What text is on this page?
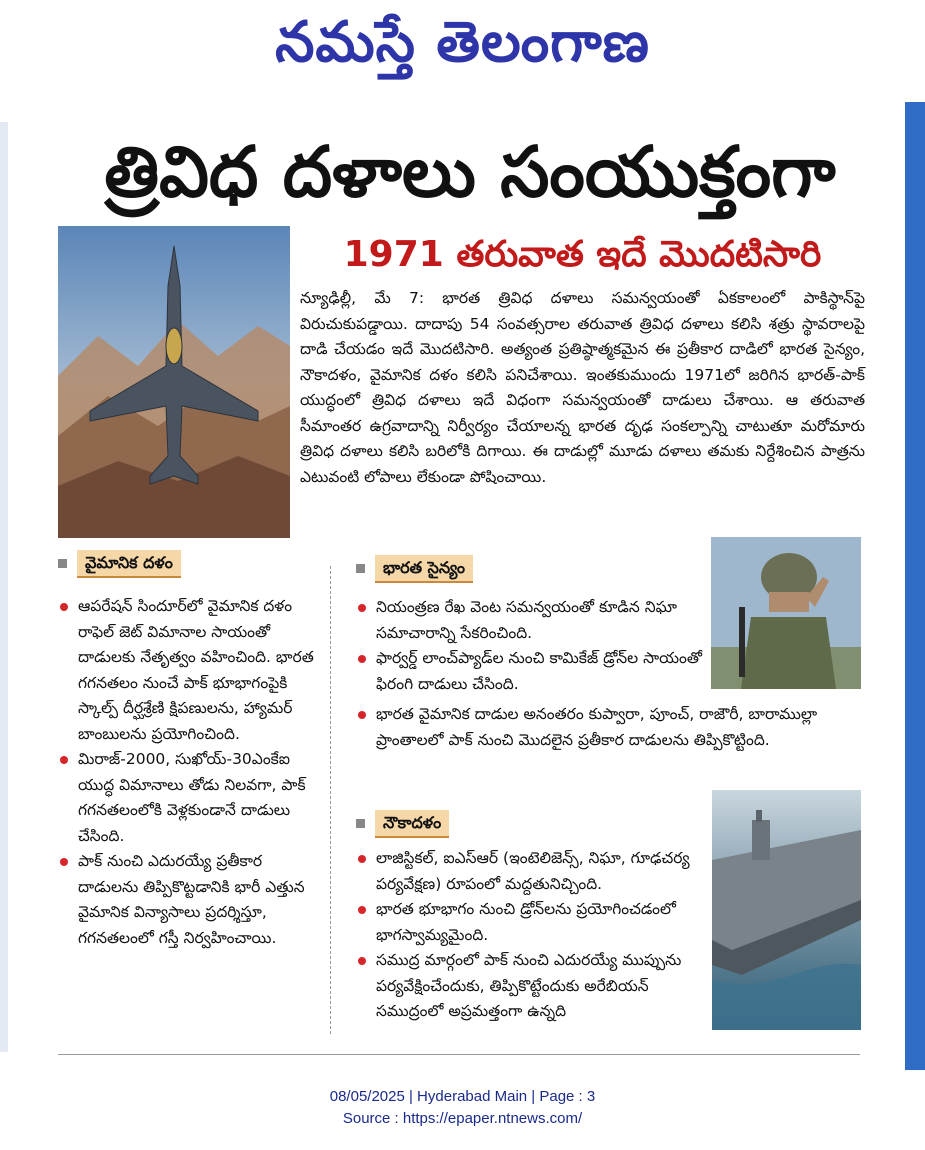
నమస్తే తెలంగాణ
త్రివిధ దళాలు సంయుక్తంగా
1971 తరువాత ఇదే మొదటిసారి
న్యూఢిల్లీ, మే 7: భారత త్రివిధ దళాలు సమన్వయంతో ఏకకాలంలో పాకిస్థాన్‌పై విరుచుకుపడ్డాయి. దాదాపు 54 సంవత్సరాల తరువాత త్రివిధ దళాలు కలిసి శత్రు స్థావరాలపై దాడి చేయడం ఇదే మొదటిసారి. అత్యంత ప్రతిష్ఠాత్మకమైన ఈ ప్రతీకార దాడిలో భారత సైన్యం, నౌకాదళం, వైమానిక దళం కలిసి పనిచేశాయి. ఇంతకుముందు 1971లో జరిగిన భారత్-పాక్ యుద్ధంలో త్రివిధ దళాలు ఇదే విధంగా సమన్వయంతో దాడులు చేశాయి. ఆ తరువాత సీమాంతర ఉగ్రవాదాన్ని నిర్వీర్యం చేయాలన్న భారత దృఢ సంకల్పాన్ని చాటుతూ మరోమారు త్రివిధ దళాలు కలిసి బరిలోకి దిగాయి. ఈ దాడుల్లో మూడు దళాలు తమకు నిర్దేశించిన పాత్రను ఎటువంటి లోపాలు లేకుండా పోషించాయి.
వైమానిక దళం
ఆపరేషన్ సిందూర్‌లో వైమానిక దళం రాఫెల్ జెట్ విమానాల సాయంతో దాడులకు నేతృత్వం వహించింది. భారత గగనతలం నుంచే పాక్ భూభాగంపైకి స్కాల్ప్ దీర్ఘశ్రేణి క్షిపణులను, హ్యామర్ బాంబులను ప్రయోగించింది.
మిరాజ్-2000, సుఖోయ్-30ఎంకేఐ యుద్ధ విమానాలు తోడు నిలవగా, పాక్ గగనతలంలోకి వెళ్లకుండానే దాడులు చేసింది.
పాక్ నుంచి ఎదురయ్యే ప్రతీకార దాడులను తిప్పికొట్టడానికి భారీ ఎత్తున వైమానిక విన్యాసాలు ప్రదర్శిస్తూ, గగనతలంలో గస్తీ నిర్వహించాయి.
భారత సైన్యం
నియంత్రణ రేఖ వెంట సమన్వయంతో కూడిన నిఘా సమాచారాన్ని సేకరించింది.
ఫార్వర్డ్ లాంచ్‌ప్యాడ్‌ల నుంచి కామికేజ్ డ్రోన్‌ల సాయంతో ఫిరంగి దాడులు చేసింది.
భారత వైమానిక దాడుల అనంతరం కుప్వారా, పూంచ్, రాజౌరీ, బారాముల్లా ప్రాంతాలలో పాక్ నుంచి మొదలైన ప్రతీకార దాడులను తిప్పికొట్టింది.
నౌకాదళం
లాజిస్టికల్, ఐఎస్ఆర్ (ఇంటెలిజెన్స్, నిఘా, గూఢచర్య పర్యవేక్షణ) రూపంలో మద్దతునిచ్చింది.
భారత భూభాగం నుంచి డ్రోన్‌లను ప్రయోగించడంలో భాగస్వామ్యమైంది.
సముద్ర మార్గంలో పాక్ నుంచి ఎదురయ్యే ముప్పును పర్యవేక్షించేందుకు, తిప్పికొట్టేందుకు అరేబియన్ సముద్రంలో అప్రమత్తంగా ఉన్నది
08/05/2025 | Hyderabad Main | Page : 3
Source : https://epaper.ntnews.com/
